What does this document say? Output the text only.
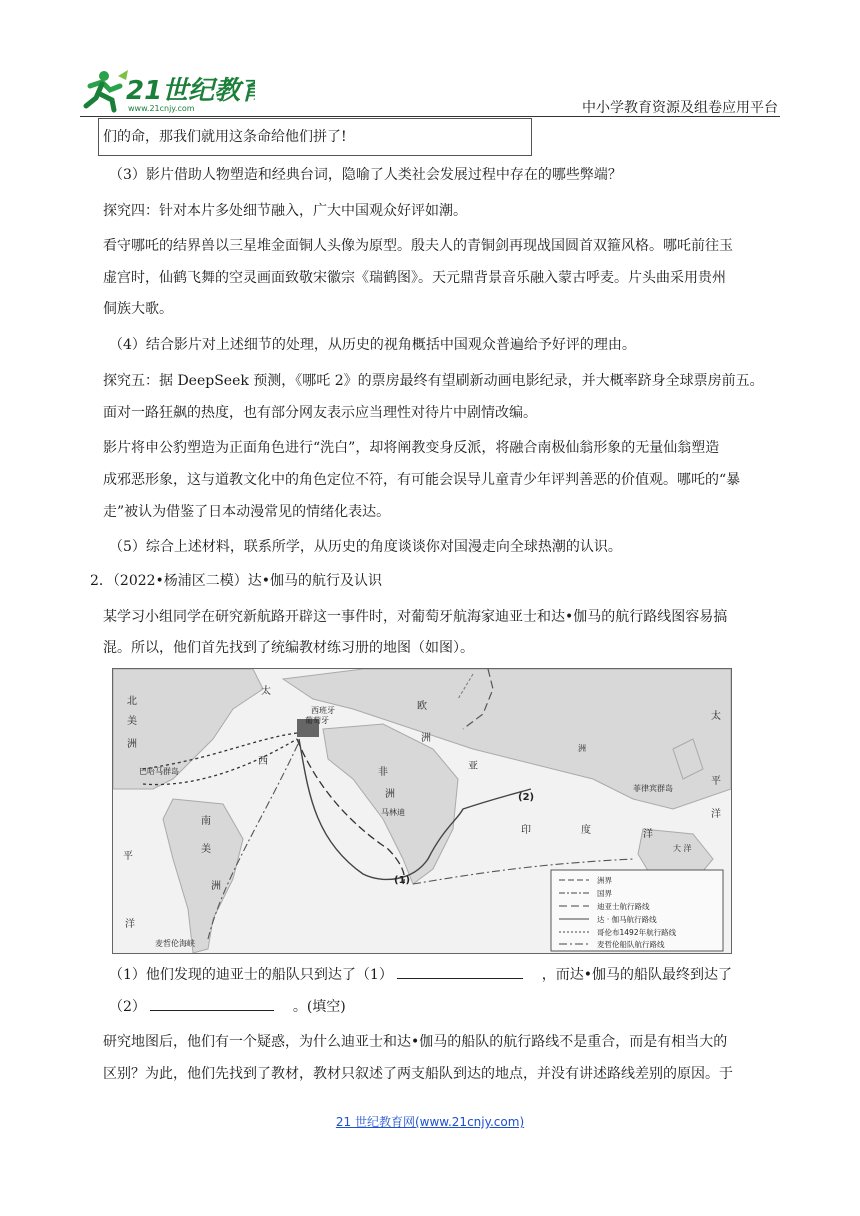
21世纪教育
www.21cnjy.com	中小学教育资源及组卷应用平台
们的命，那我们就用这条命给他们拼了!
（3）影片借助人物塑造和经典台词，隐喻了人类社会发展过程中存在的哪些弊端？
探究四：针对本片多处细节融入，广大中国观众好评如潮。
看守哪吒的结界兽以三星堆金面铜人头像为原型。殷夫人的青铜剑再现战国圆首双箍风格。哪吒前往玉
虚宫时，仙鹤飞舞的空灵画面致敬宋徽宗《瑞鹤图》。天元鼎背景音乐融入蒙古呼麦。片头曲采用贵州
侗族大歌。
（4）结合影片对上述细节的处理，从历史的视角概括中国观众普遍给予好评的理由。
探究五：据 DeepSeek 预测，《哪吒 2》的票房最终有望刷新动画电影纪录，并大概率跻身全球票房前五。
面对一路狂飙的热度，也有部分网友表示应当理性对待片中剧情改编。
影片将申公豹塑造为正面角色进行“洗白”，却将阐教变身反派，将融合南极仙翁形象的无量仙翁塑造
成邪恶形象，这与道教文化中的角色定位不符，有可能会误导儿童青少年评判善恶的价值观。哪吒的“暴
走”被认为借鉴了日本动漫常见的情绪化表达。
（5）综合上述材料，联系所学，从历史的角度谈谈你对国漫走向全球热潮的认识。
2．（2022•杨浦区二模）达•伽马的航行及认识
某学习小组同学在研究新航路开辟这一事件时，对葡萄牙航海家迪亚士和达•伽马的航行路线图容易搞
混。所以，他们首先找到了统编教材练习册的地图（如图）。
北
美
洲
太
欧
洲
西班牙
葡萄牙
巴哈马群岛
西
非
洲
南
美
洲
平
洋
马林迪
印	度	洋
亚
洲
太
平
洋
菲律宾群岛
大 洋
麦哲伦海峡
(1)
(2)
洲界
国界
迪亚士航行路线
达 · 伽马航行路线
哥伦布1492年航行路线
麦哲伦船队航行路线
（1）他们发现的迪亚士的船队只到达了（1）	，而达•伽马的船队最终到达了
（2）	。(填空)
研究地图后，他们有一个疑惑，为什么迪亚士和达•伽马的船队的航行路线不是重合，而是有相当大的
区别？为此，他们先找到了教材，教材只叙述了两支船队到达的地点，并没有讲述路线差别的原因。于
21 世纪教育网(www.21cnjy.com)
